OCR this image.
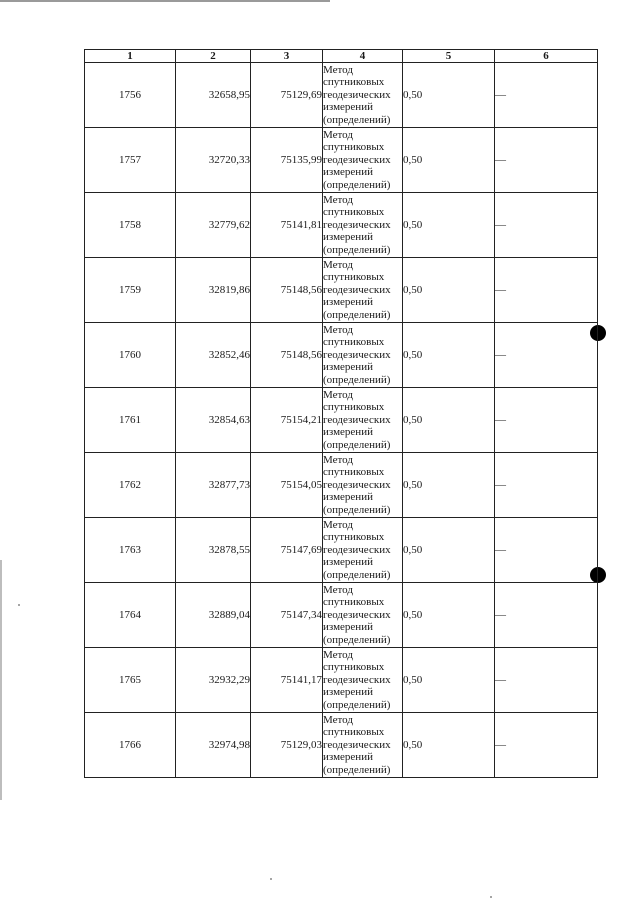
1	2	3	4	5	6
1756	32658,95	75129,69	Метод
спутниковых
геодезических
измерений
(определений)	0,50	—
1757	32720,33	75135,99	Метод
спутниковых
геодезических
измерений
(определений)	0,50	—
1758	32779,62	75141,81	Метод
спутниковых
геодезических
измерений
(определений)	0,50	—
1759	32819,86	75148,56	Метод
спутниковых
геодезических
измерений
(определений)	0,50	—
1760	32852,46	75148,56	Метод
спутниковых
геодезических
измерений
(определений)	0,50	—
1761	32854,63	75154,21	Метод
спутниковых
геодезических
измерений
(определений)	0,50	—
1762	32877,73	75154,05	Метод
спутниковых
геодезических
измерений
(определений)	0,50	—
1763	32878,55	75147,69	Метод
спутниковых
геодезических
измерений
(определений)	0,50	—
1764	32889,04	75147,34	Метод
спутниковых
геодезических
измерений
(определений)	0,50	—
1765	32932,29	75141,17	Метод
спутниковых
геодезических
измерений
(определений)	0,50	—
1766	32974,98	75129,03	Метод
спутниковых
геодезических
измерений
(определений)	0,50	—
